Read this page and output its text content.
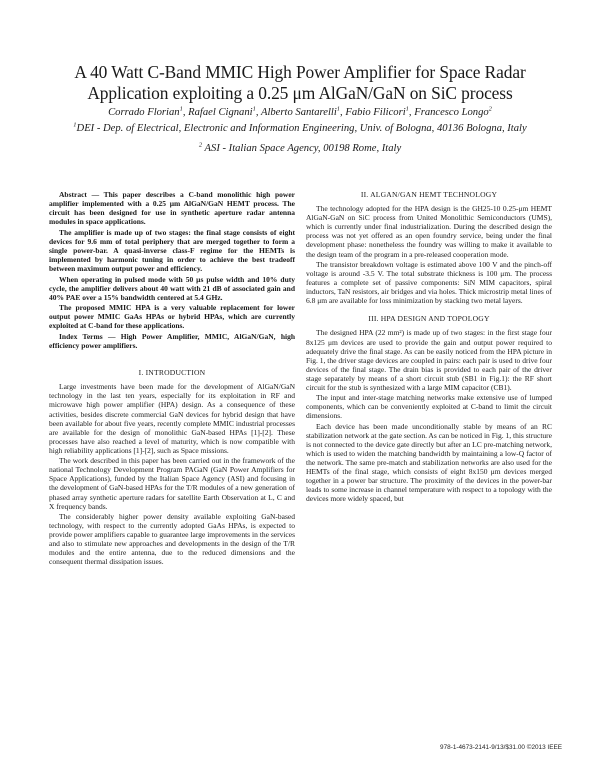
A 40 Watt C-Band MMIC High Power Amplifier for Space Radar
Application exploiting a 0.25 μm AlGaN/GaN on SiC process
Corrado Florian$^1$, Rafael Cignani$^1$, Alberto Santarelli$^1$, Fabio Filicori$^1$, Francesco Longo$^2$
$^1$DEI - Dep. of Electrical, Electronic and Information Engineering, Univ. of Bologna, 40136 Bologna, Italy
$^2$ ASI - Italian Space Agency, 00198 Rome, Italy

Abstract — This paper describes a C-band monolithic high power amplifier implemented with a 0.25 μm AlGaN/GaN HEMT process. The circuit has been designed for use in synthetic aperture radar antenna modules in space applications.

The amplifier is made up of two stages: the final stage consists of eight devices for 9.6 mm of total periphery that are merged together to form a single power-bar. A quasi-inverse class-F regime for the HEMTs is implemented by harmonic tuning in order to achieve the best tradeoff between maximum output power and efficiency.

When operating in pulsed mode with 50 μs pulse width and 10% duty cycle, the amplifier delivers about 40 watt with 21 dB of associated gain and 40% PAE over a 15% bandwidth centered at 5.4 GHz.

The proposed MMIC HPA is a very valuable replacement for lower output power MMIC GaAs HPAs or hybrid HPAs, which are currently exploited at C-band for these applications.

Index Terms — High Power Amplifier, MMIC, AlGaN/GaN, high efficiency power amplifiers.

I. INTRODUCTION

Large investments have been made for the development of AlGaN/GaN technology in the last ten years, especially for its exploitation in RF and microwave high power amplifier (HPA) design. As a consequence of these activities, besides discrete commercial GaN devices for hybrid design that have been available for about five years, recently complete MMIC industrial processes are available for the design of monolithic GaN-based HPAs [1]-[2]. These processes have also reached a level of maturity, which is now compatible with high reliability applications [1]-[2], such as Space missions.

The work described in this paper has been carried out in the framework of the national Technology Development Program PAGaN (GaN Power Amplifiers for Space Applications), funded by the Italian Space Agency (ASI) and focusing in the development of GaN-based HPAs for the T/R modules of a new generation of phased array synthetic aperture radars for satellite Earth Observation at L, C and X frequency bands.

The considerably higher power density available exploiting GaN-based technology, with respect to the currently adopted GaAs HPAs, is expected to provide power amplifiers capable to guarantee large improvements in the services and also to stimulate new approaches and developments in the design of the T/R modules and the entire antenna, due to the reduced dimensions and the consequent thermal dissipation issues.

II. ALGAN/GAN HEMT TECHNOLOGY

The technology adopted for the HPA design is the GH25-10 0.25-μm HEMT AlGaN-GaN on SiC process from United Monolithic Semiconductors (UMS), which is currently under final industrialization. During the described design the process was not yet offered as an open foundry service, being under the final development phase: nonetheless the foundry was willing to make it available to the design team of the program in a pre-released cooperation mode.

The transistor breakdown voltage is estimated above 100 V and the pinch-off voltage is around -3.5 V. The total substrate thickness is 100 μm. The process features a complete set of passive components: SiN MIM capacitors, spiral inductors, TaN resistors, air bridges and via holes. Thick microstrip metal lines of 6.8 μm are available for loss minimization by stacking two metal layers.

III. HPA DESIGN AND TOPOLOGY

The designed HPA (22 mm²) is made up of two stages: in the first stage four 8x125 μm devices are used to provide the gain and output power required to adequately drive the final stage. As can be easily noticed from the HPA picture in Fig. 1, the driver stage devices are coupled in pairs: each pair is used to drive four devices of the final stage. The drain bias is provided to each pair of the driver stage separately by means of a short circuit stub (SB1 in Fig.1): the RF short circuit for the stub is synthesized with a large MIM capacitor (CB1).

The input and inter-stage matching networks make extensive use of lumped components, which can be conveniently exploited at C-band to limit the circuit dimensions.

Each device has been made unconditionally stable by means of an RC stabilization network at the gate section. As can be noticed in Fig. 1, this structure is not connected to the device gate directly but after an LC pre-matching network, which is used to widen the matching bandwidth by maintaining a low-Q factor of the network. The same pre-match and stabilization networks are also used for the HEMTs of the final stage, which consists of eight 8x150 μm devices merged together in a power bar structure. The proximity of the devices in the power-bar leads to some increase in channel temperature with respect to a topology with the devices more widely spaced, but

978-1-4673-2141-9/13/$31.00 ©2013 IEEE
